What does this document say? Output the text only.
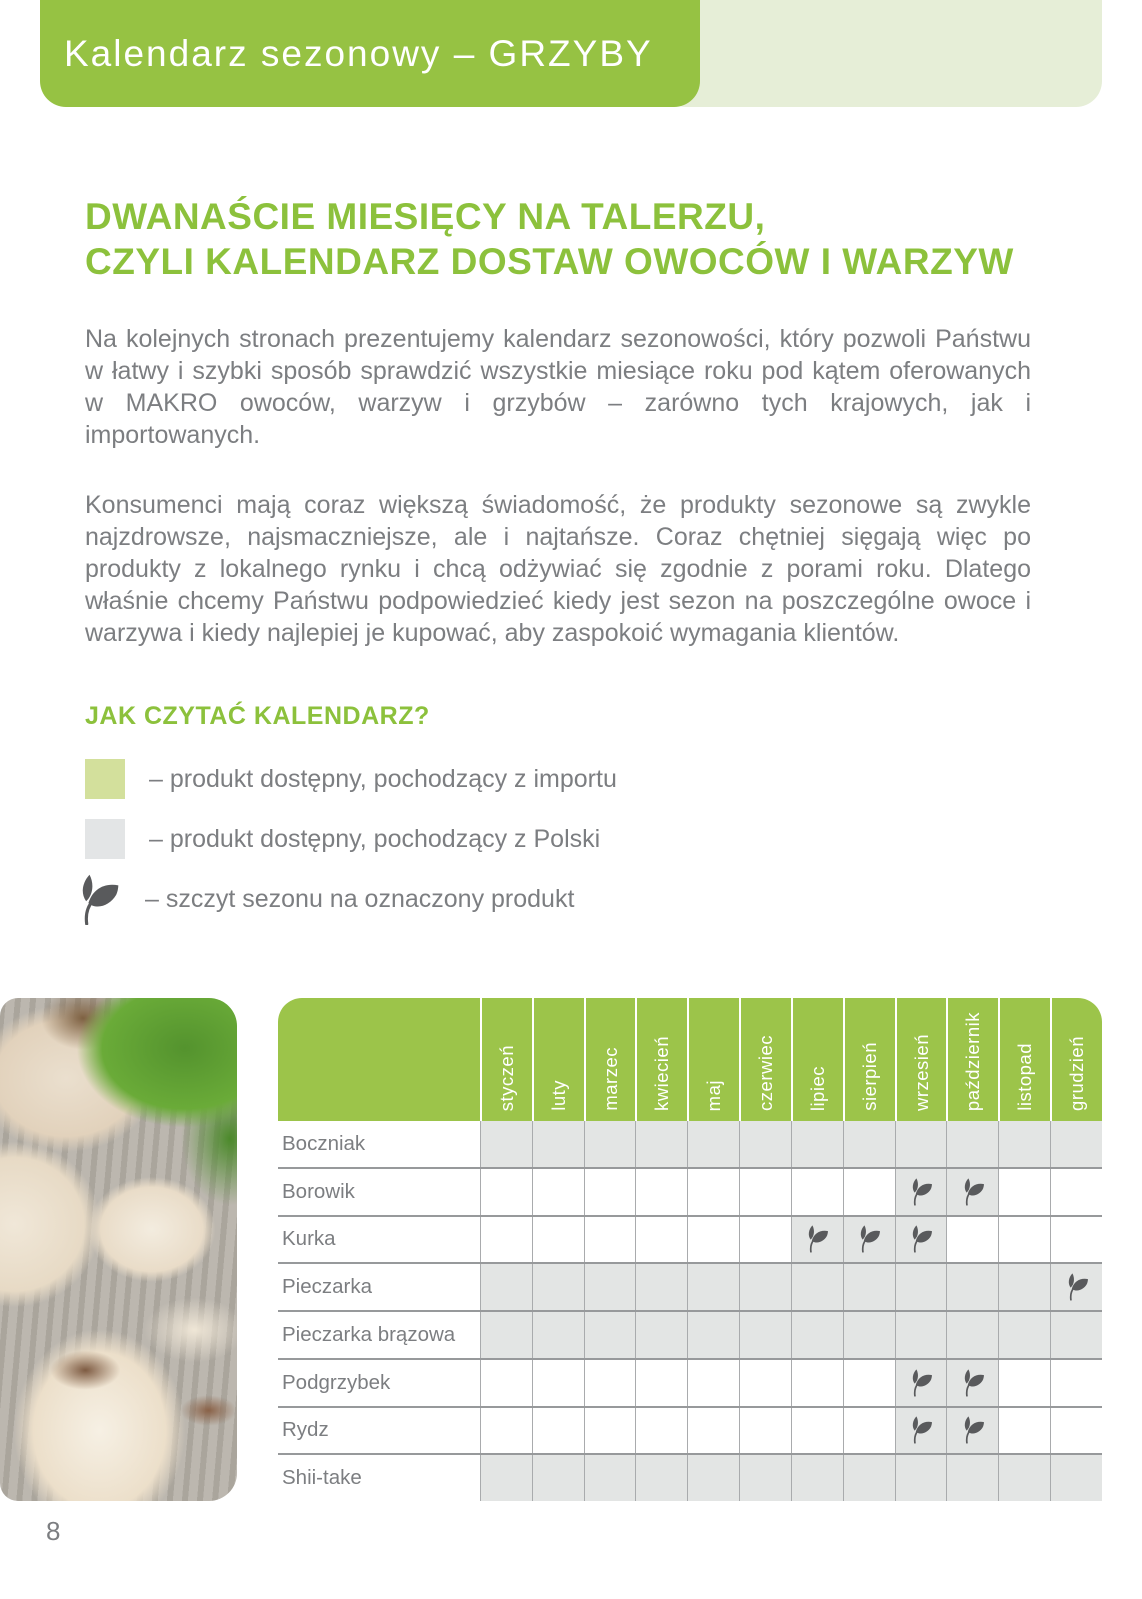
Kalendarz sezonowy – GRZYBY
DWANAŚCIE MIESIĘCY NA TALERZU,
CZYLI KALENDARZ DOSTAW OWOCÓW I WARZYW

Na kolejnych stronach prezentujemy kalendarz sezonowości, który pozwoli Państwu w łatwy i szybki sposób sprawdzić wszystkie miesiące roku pod kątem oferowanych w MAKRO owoców, warzyw i grzybów – zarówno tych krajowych, jak i importowanych.

Konsumenci mają coraz większą świadomość, że produkty sezonowe są zwykle najzdrowsze, najsmaczniejsze, ale i najtańsze. Coraz chętniej sięgają więc po produkty z lokalnego rynku i chcą odżywiać się zgodnie z porami roku. Dlatego właśnie chcemy Państwu podpowiedzieć kiedy jest sezon na poszczególne owoce i warzywa i kiedy najlepiej je kupować, aby zaspokoić wymagania klientów.

JAK CZYTAĆ KALENDARZ?
– produkt dostępny, pochodzący z importu
– produkt dostępny, pochodzący z Polski
– szczyt sezonu na oznaczony produkt
styczeń luty marzec kwiecień maj czerwiec lipiec sierpień wrzesień październik listopad grudzień
Boczniak
Borowik
Kurka
Pieczarka
Pieczarka brązowa
Podgrzybek
Rydz
Shii-take
8
